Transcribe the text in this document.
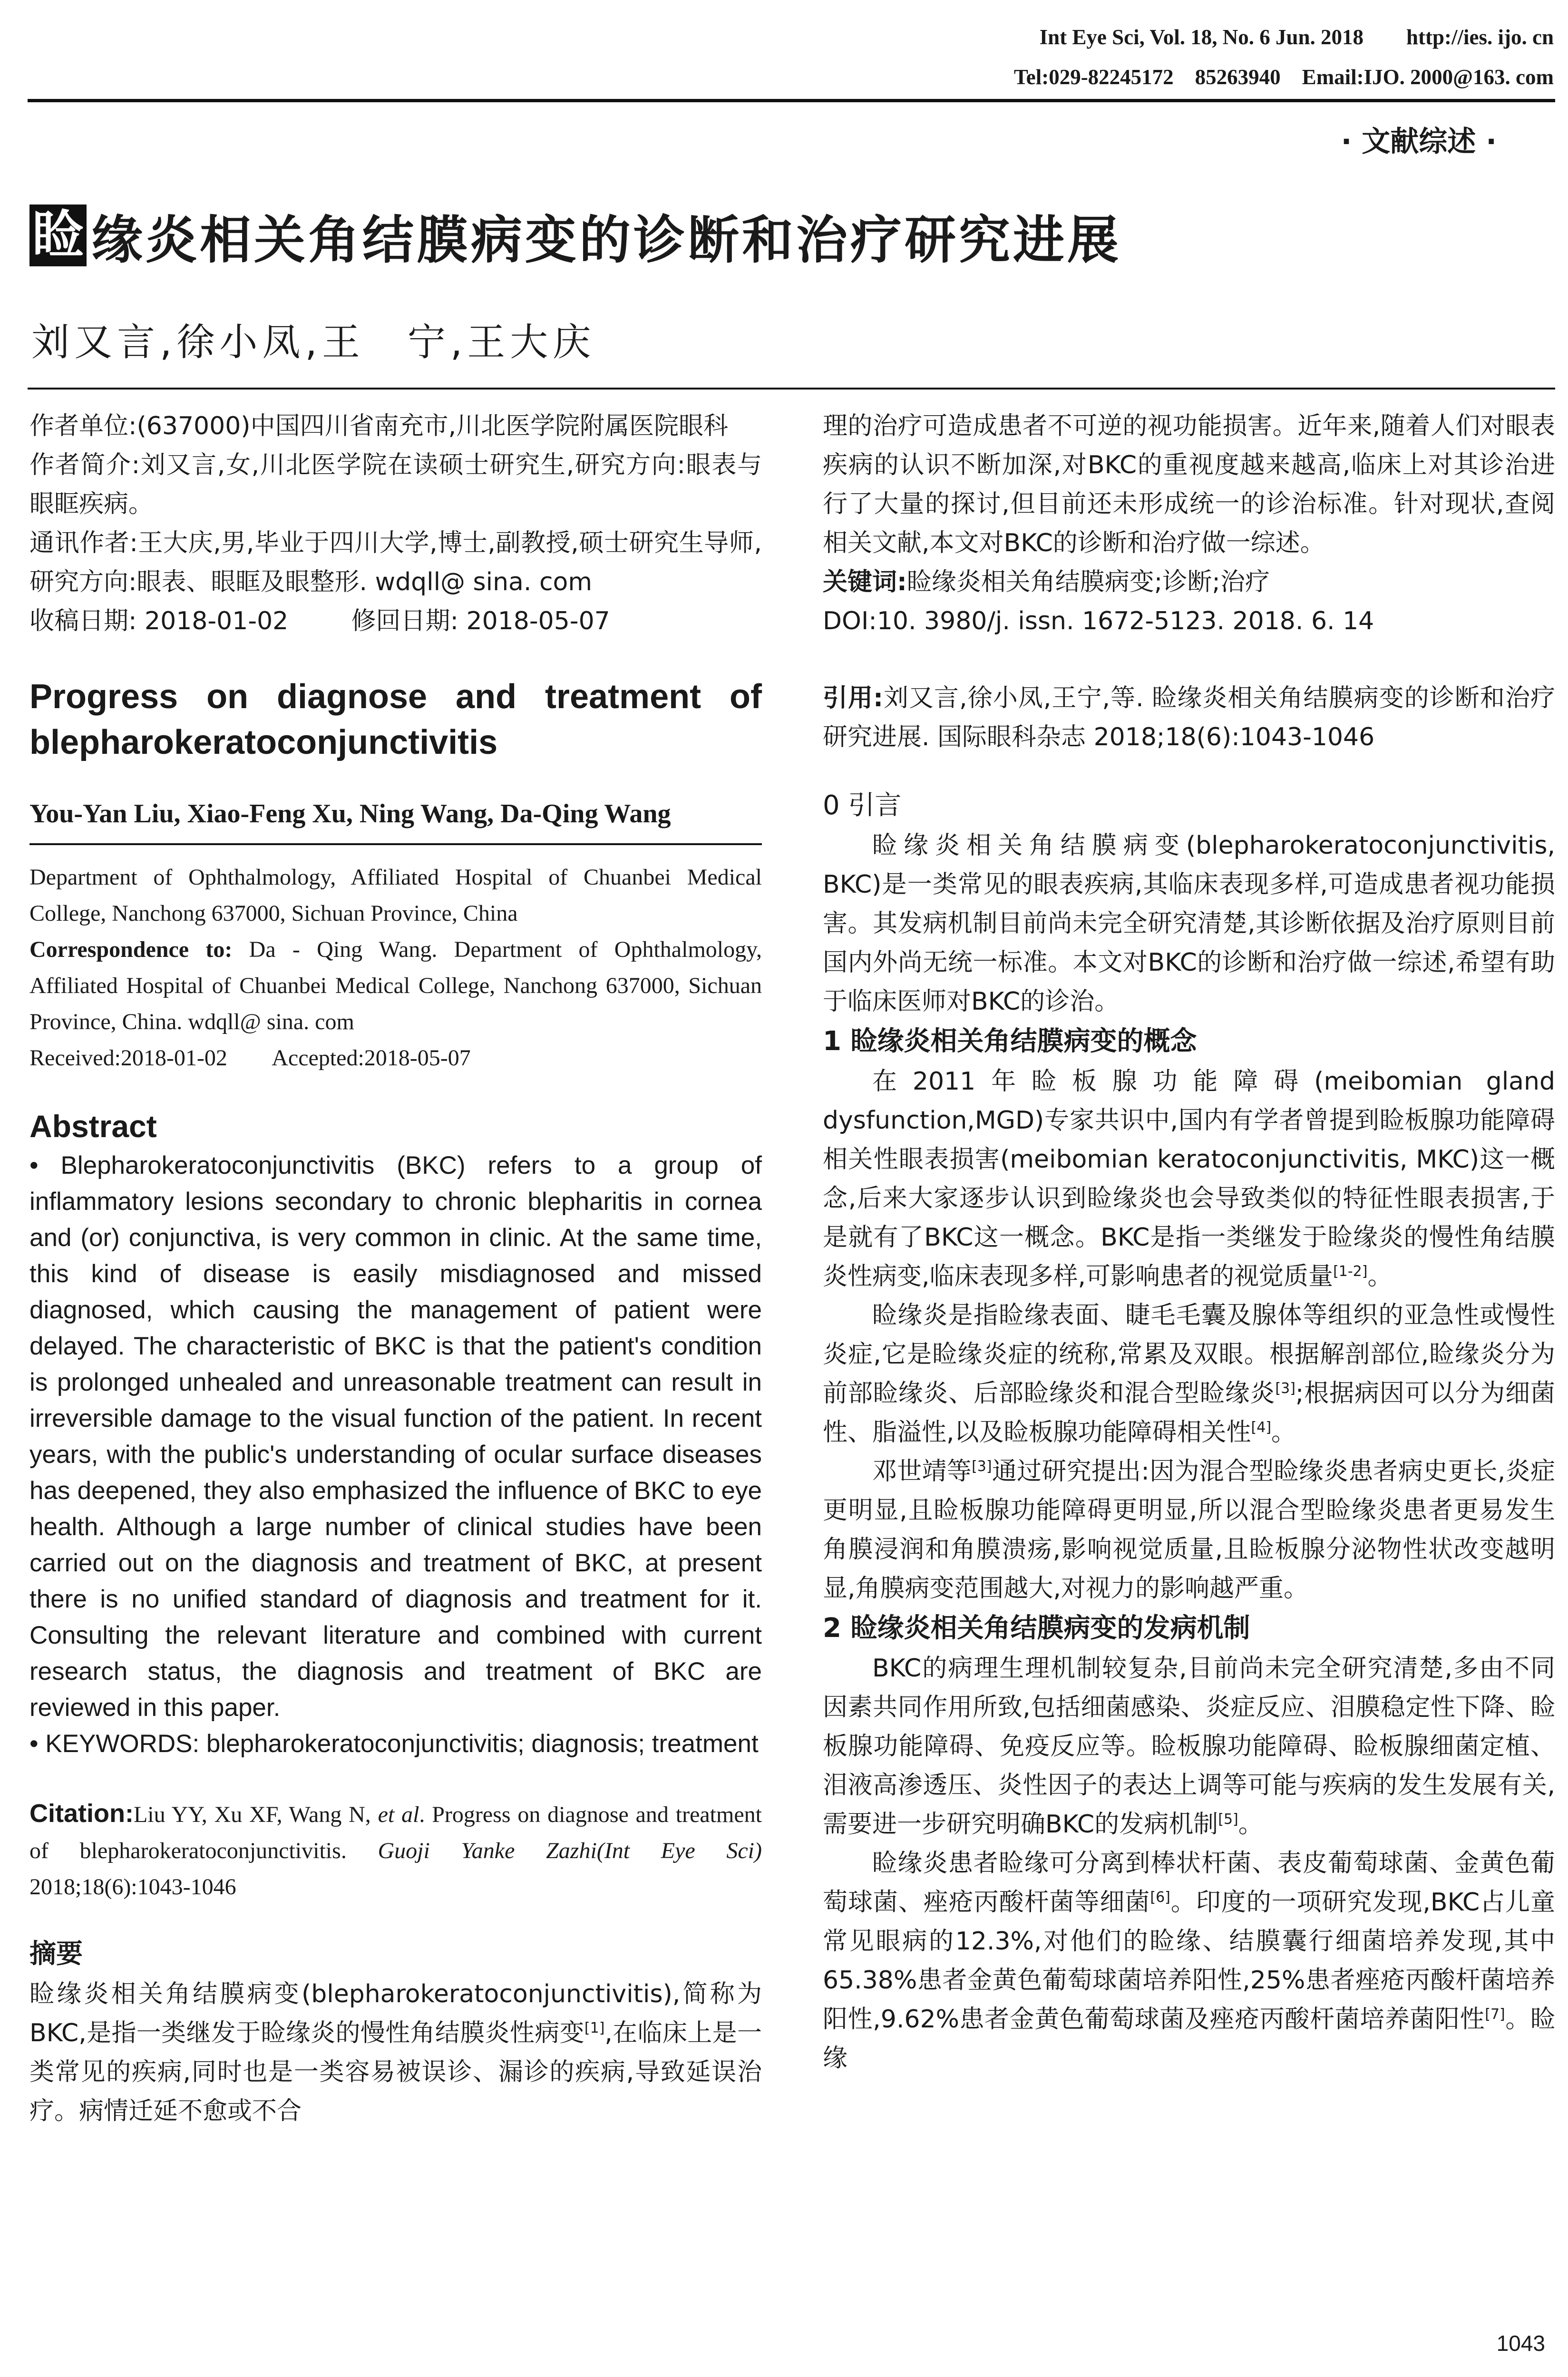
Int Eye Sci, Vol. 18, No. 6 Jun. 2018        http://ies. ijo. cn
Tel:029-82245172    85263940    Email:IJO. 2000@163. com
· 文献综述 ·
睑 缘炎相关角结膜病变的诊断和治疗研究进展
刘又言,徐小凤,王　宁,王大庆
作者单位:(637000)中国四川省南充市,川北医学院附属医院眼科
作者简介:刘又言,女,川北医学院在读硕士研究生,研究方向:眼表与眼眶疾病。
通讯作者:王大庆,男,毕业于四川大学,博士,副教授,硕士研究生导师,研究方向:眼表、眼眶及眼整形. wdqll@ sina. com
收稿日期: 2018-01-02        修回日期: 2018-05-07
Progress on diagnose and treatment of blepharokeratoconjunctivitis
You-Yan Liu, Xiao-Feng Xu, Ning Wang, Da-Qing Wang
Department of Ophthalmology, Affiliated Hospital of Chuanbei Medical College, Nanchong 637000, Sichuan Province, China
Correspondence to: Da - Qing Wang. Department of Ophthalmology, Affiliated Hospital of Chuanbei Medical College, Nanchong 637000, Sichuan Province, China. wdqll@ sina. com
Received:2018-01-02        Accepted:2018-05-07
Abstract
• Blepharokeratoconjunctivitis (BKC) refers to a group of inflammatory lesions secondary to chronic blepharitis in cornea and (or) conjunctiva, is very common in clinic. At the same time, this kind of disease is easily misdiagnosed and missed diagnosed, which causing the management of patient were delayed. The characteristic of BKC is that the patient's condition is prolonged unhealed and unreasonable treatment can result in irreversible damage to the visual function of the patient. In recent years, with the public's understanding of ocular surface diseases has deepened, they also emphasized the influence of BKC to eye health. Although a large number of clinical studies have been carried out on the diagnosis and treatment of BKC, at present there is no unified standard of diagnosis and treatment for it. Consulting the relevant literature and combined with current research status, the diagnosis and treatment of BKC are reviewed in this paper.
• KEYWORDS: blepharokeratoconjunctivitis; diagnosis; treatment
Citation:Liu YY, Xu XF, Wang N, et al. Progress on diagnose and treatment of blepharokeratoconjunctivitis. Guoji Yanke Zazhi(Int Eye Sci) 2018;18(6):1043-1046
摘要
睑缘炎相关角结膜病变(blepharokeratoconjunctivitis),简称为BKC,是指一类继发于睑缘炎的慢性角结膜炎性病变[1],在临床上是一类常见的疾病,同时也是一类容易被误诊、漏诊的疾病,导致延误治疗。病情迁延不愈或不合
理的治疗可造成患者不可逆的视功能损害。近年来,随着人们对眼表疾病的认识不断加深,对BKC的重视度越来越高,临床上对其诊治进行了大量的探讨,但目前还未形成统一的诊治标准。针对现状,查阅相关文献,本文对BKC的诊断和治疗做一综述。
关键词:睑缘炎相关角结膜病变;诊断;治疗
DOI:10. 3980/j. issn. 1672-5123. 2018. 6. 14
引用:刘又言,徐小凤,王宁,等. 睑缘炎相关角结膜病变的诊断和治疗研究进展. 国际眼科杂志 2018;18(6):1043-1046
0 引言
睑缘炎相关角结膜病变(blepharokeratoconjunctivitis, BKC)是一类常见的眼表疾病,其临床表现多样,可造成患者视功能损害。其发病机制目前尚未完全研究清楚,其诊断依据及治疗原则目前国内外尚无统一标准。本文对BKC的诊断和治疗做一综述,希望有助于临床医师对BKC的诊治。
1 睑缘炎相关角结膜病变的概念
在2011年睑板腺功能障碍(meibomian gland dysfunction,MGD)专家共识中,国内有学者曾提到睑板腺功能障碍相关性眼表损害(meibomian keratoconjunctivitis, MKC)这一概念,后来大家逐步认识到睑缘炎也会导致类似的特征性眼表损害,于是就有了BKC这一概念。BKC是指一类继发于睑缘炎的慢性角结膜炎性病变,临床表现多样,可影响患者的视觉质量[1-2]。
睑缘炎是指睑缘表面、睫毛毛囊及腺体等组织的亚急性或慢性炎症,它是睑缘炎症的统称,常累及双眼。根据解剖部位,睑缘炎分为前部睑缘炎、后部睑缘炎和混合型睑缘炎[3];根据病因可以分为细菌性、脂溢性,以及睑板腺功能障碍相关性[4]。
邓世靖等[3]通过研究提出:因为混合型睑缘炎患者病史更长,炎症更明显,且睑板腺功能障碍更明显,所以混合型睑缘炎患者更易发生角膜浸润和角膜溃疡,影响视觉质量,且睑板腺分泌物性状改变越明显,角膜病变范围越大,对视力的影响越严重。
2 睑缘炎相关角结膜病变的发病机制
BKC的病理生理机制较复杂,目前尚未完全研究清楚,多由不同因素共同作用所致,包括细菌感染、炎症反应、泪膜稳定性下降、睑板腺功能障碍、免疫反应等。睑板腺功能障碍、睑板腺细菌定植、泪液高渗透压、炎性因子的表达上调等可能与疾病的发生发展有关,需要进一步研究明确BKC的发病机制[5]。
睑缘炎患者睑缘可分离到棒状杆菌、表皮葡萄球菌、金黄色葡萄球菌、痤疮丙酸杆菌等细菌[6]。印度的一项研究发现,BKC占儿童常见眼病的12.3%,对他们的睑缘、结膜囊行细菌培养发现,其中65.38%患者金黄色葡萄球菌培养阳性,25%患者痤疮丙酸杆菌培养阳性,9.62%患者金黄色葡萄球菌及痤疮丙酸杆菌培养菌阳性[7]。睑缘
1043
